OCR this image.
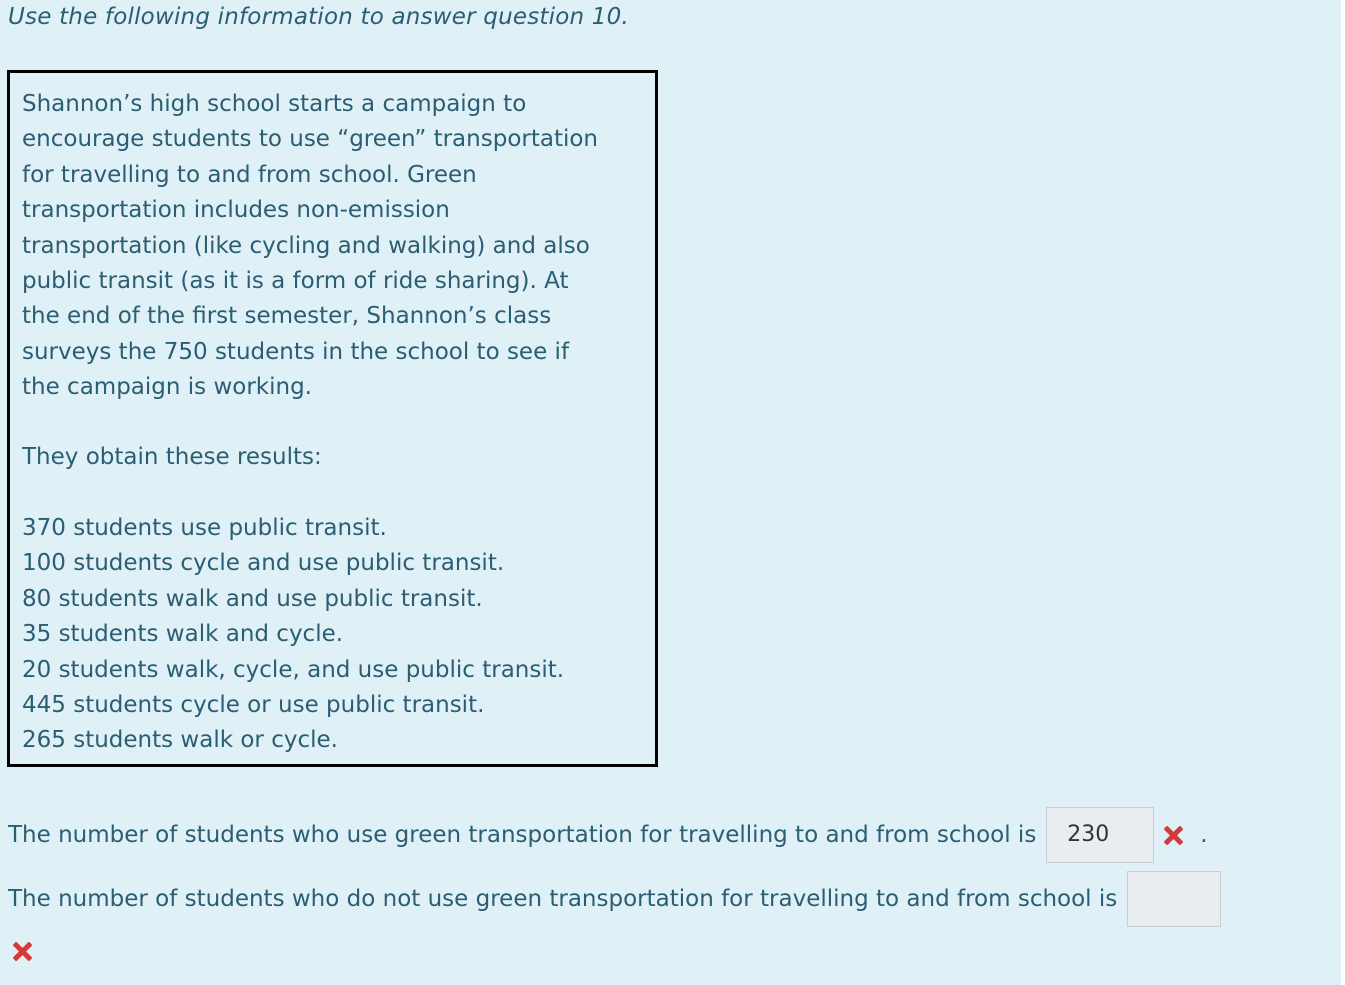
Use the following information to answer question 10.

Shannon’s high school starts a campaign to

encourage students to use “green” transportation

for travelling to and from school. Green

transportation includes non-emission

transportation (like cycling and walking) and also

public transit (as it is a form of ride sharing). At

the end of the first semester, Shannon’s class

surveys the 750 students in the school to see if

the campaign is working.

They obtain these results:

370 students use public transit.
100 students cycle and use public transit.
80 students walk and use public transit.
35 students walk and cycle.
20 students walk, cycle, and use public transit.
445 students cycle or use public transit.
265 students walk or cycle.
The number of students who use green transportation for travelling to and from school is	230	.
The number of students who do not use green transportation for travelling to and from school is
